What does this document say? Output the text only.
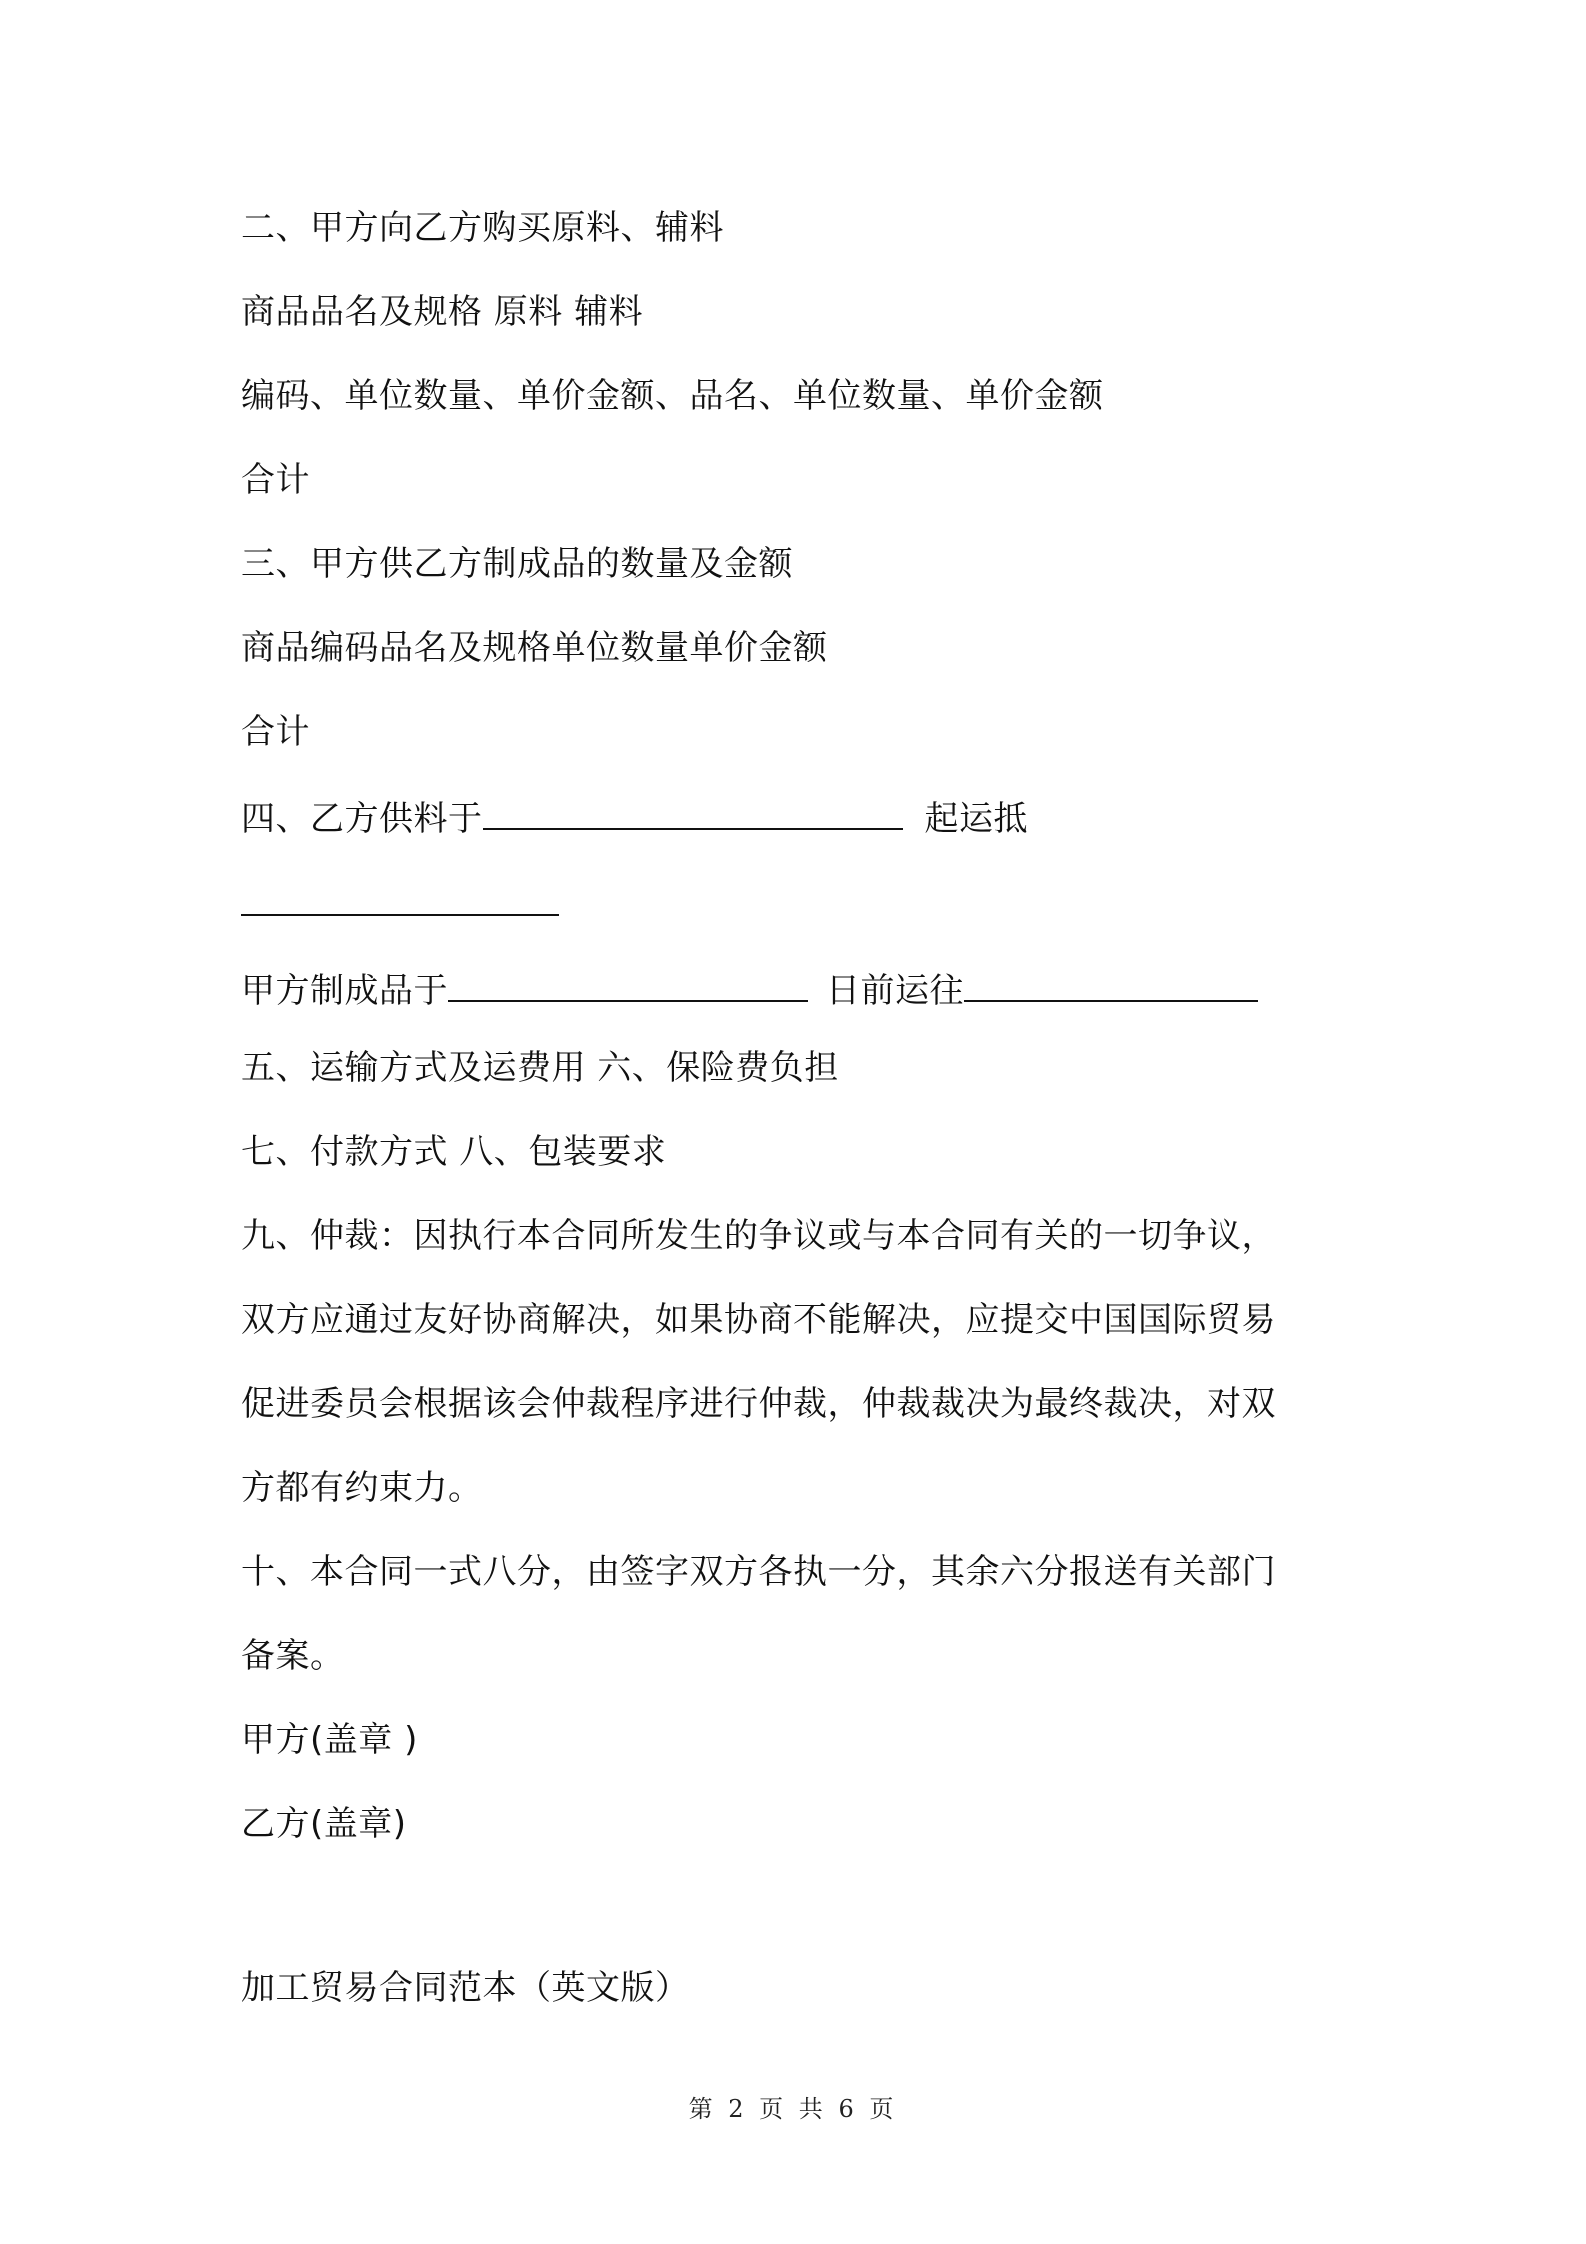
二、甲方向乙方购买原料、辅料
商品品名及规格 原料 辅料
编码、单位数量、单价金额、品名、单位数量、单价金额
合计
三、甲方供乙方制成品的数量及金额
商品编码品名及规格单位数量单价金额
合计
四、乙方供料于	起运抵
甲方制成品于	日前运往
五、运输方式及运费用 六、保险费负担
七、付款方式 八、包装要求
九、仲裁：因执行本合同所发生的争议或与本合同有关的一切争议，
双方应通过友好协商解决，如果协商不能解决，应提交中国国际贸易
促进委员会根据该会仲裁程序进行仲裁，仲裁裁决为最终裁决，对双
方都有约束力。
十、本合同一式八分，由签字双方各执一分，其余六分报送有关部门
备案。
甲方(盖章 )
乙方(盖章)
加工贸易合同范本（英文版）
第 2 页 共 6 页
